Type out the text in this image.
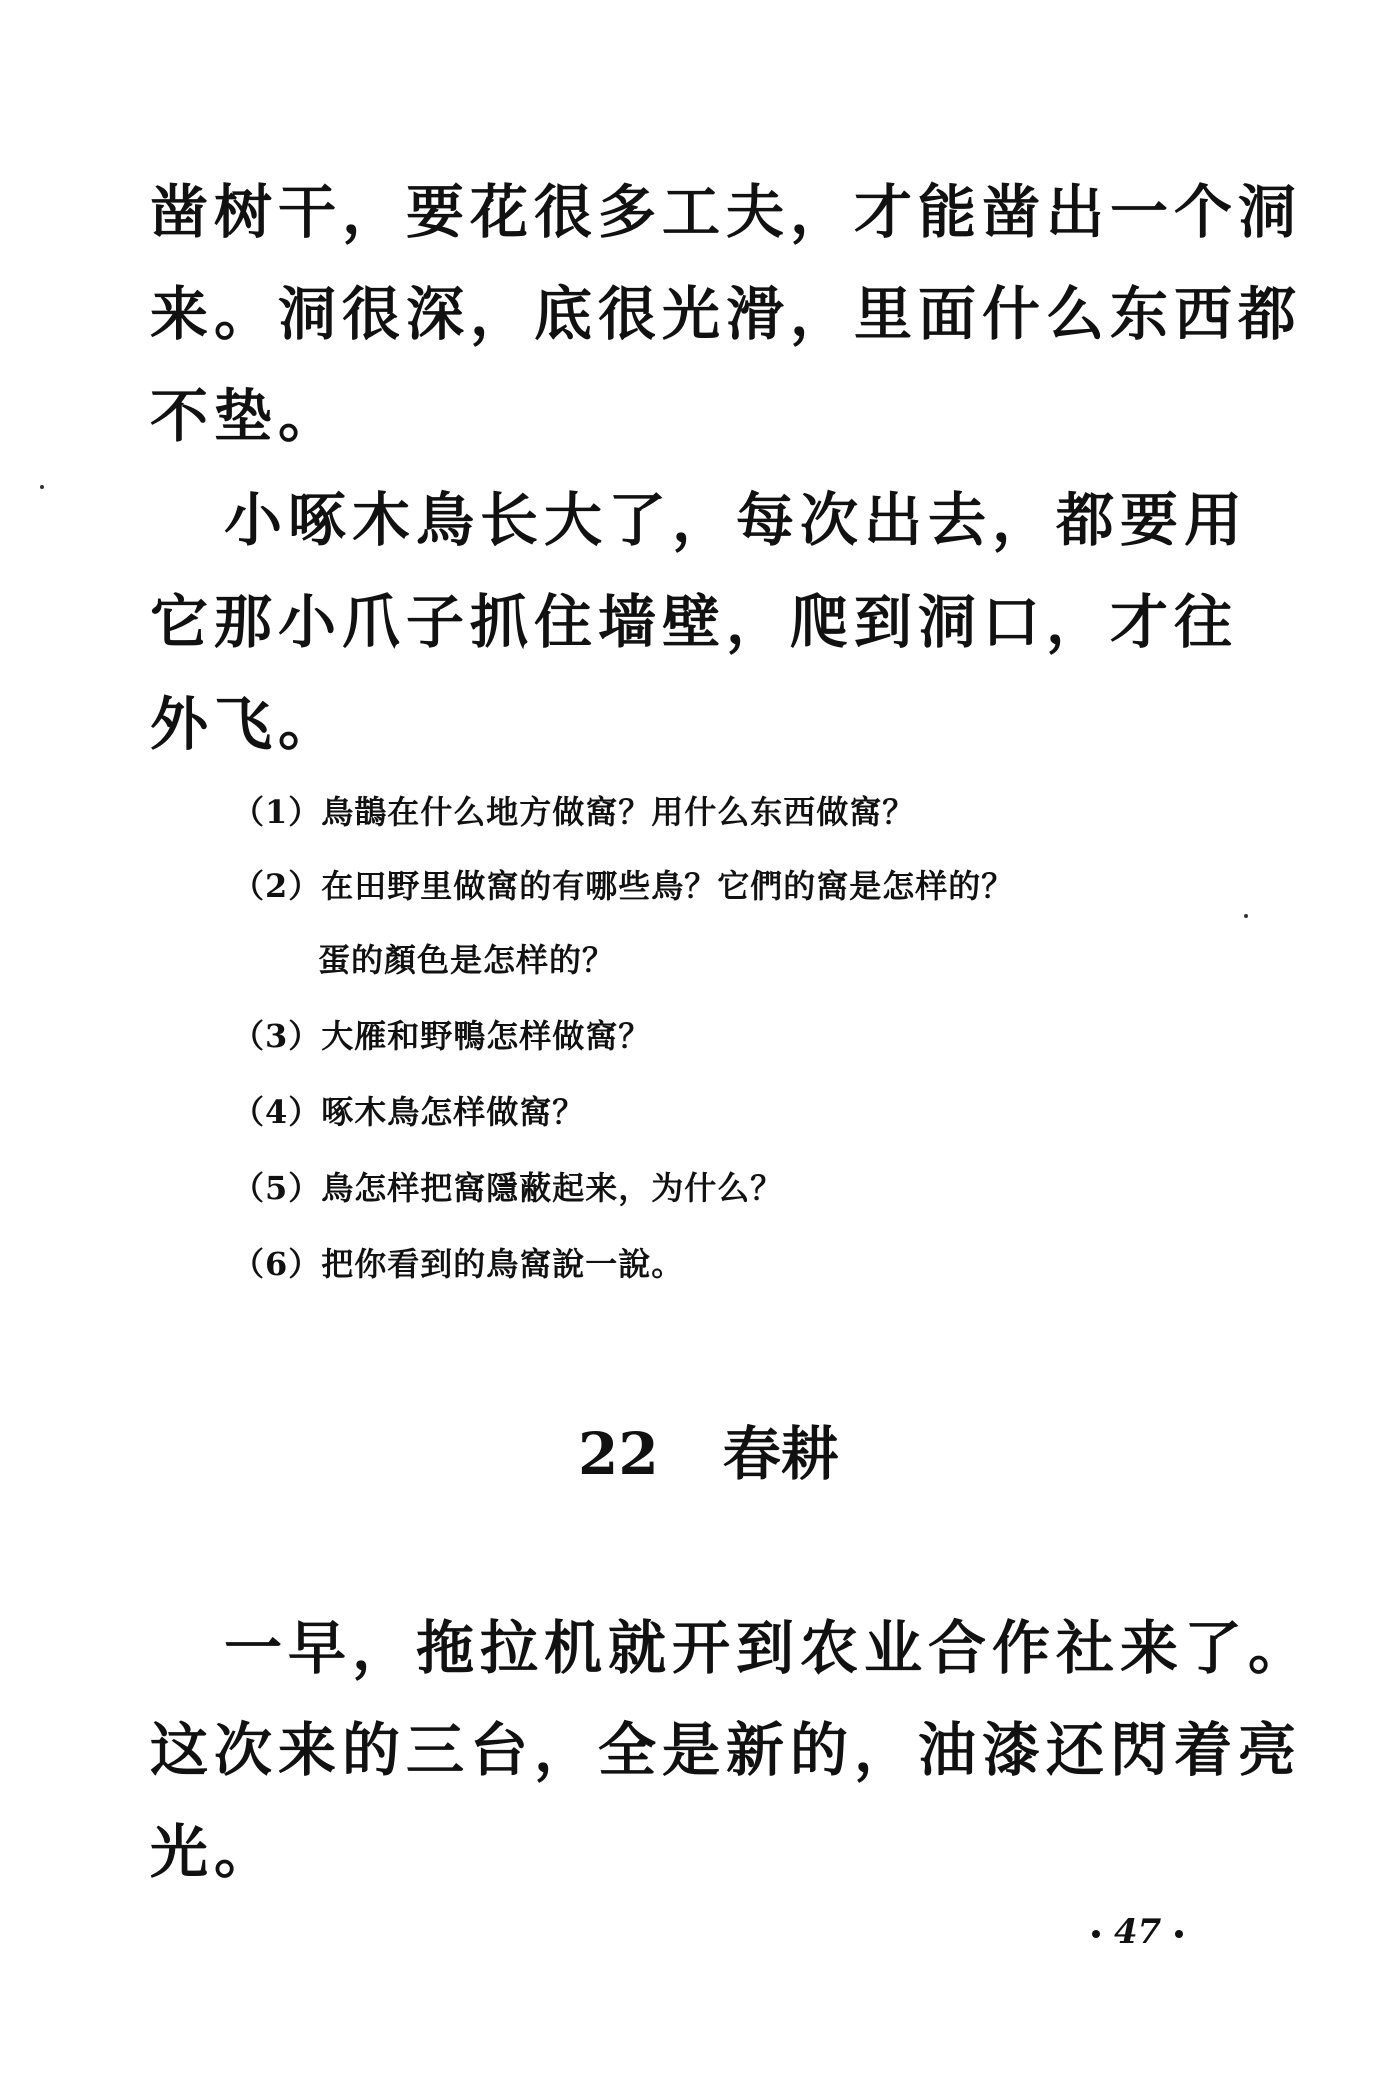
凿树干，要花很多工夫，才能凿出一个洞
来。洞很深，底很光滑，里面什么东西都
不垫。
小啄木鳥长大了，每次出去，都要用
它那小爪子抓住墙壁，爬到洞口，才往
外飞。
（1）鳥鵲在什么地方做窩？用什么东西做窩？
（2）在田野里做窩的有哪些鳥？它們的窩是怎样的？
蛋的顏色是怎样的？
（3）大雁和野鴨怎样做窩？
（4）啄木鳥怎样做窩？
（5）鳥怎样把窩隱蔽起来，为什么？
（6）把你看到的鳥窩說一說。
22 春耕
一早，拖拉机就开到农业合作社来了。
这次来的三台，全是新的，油漆还閃着亮
光。
47
